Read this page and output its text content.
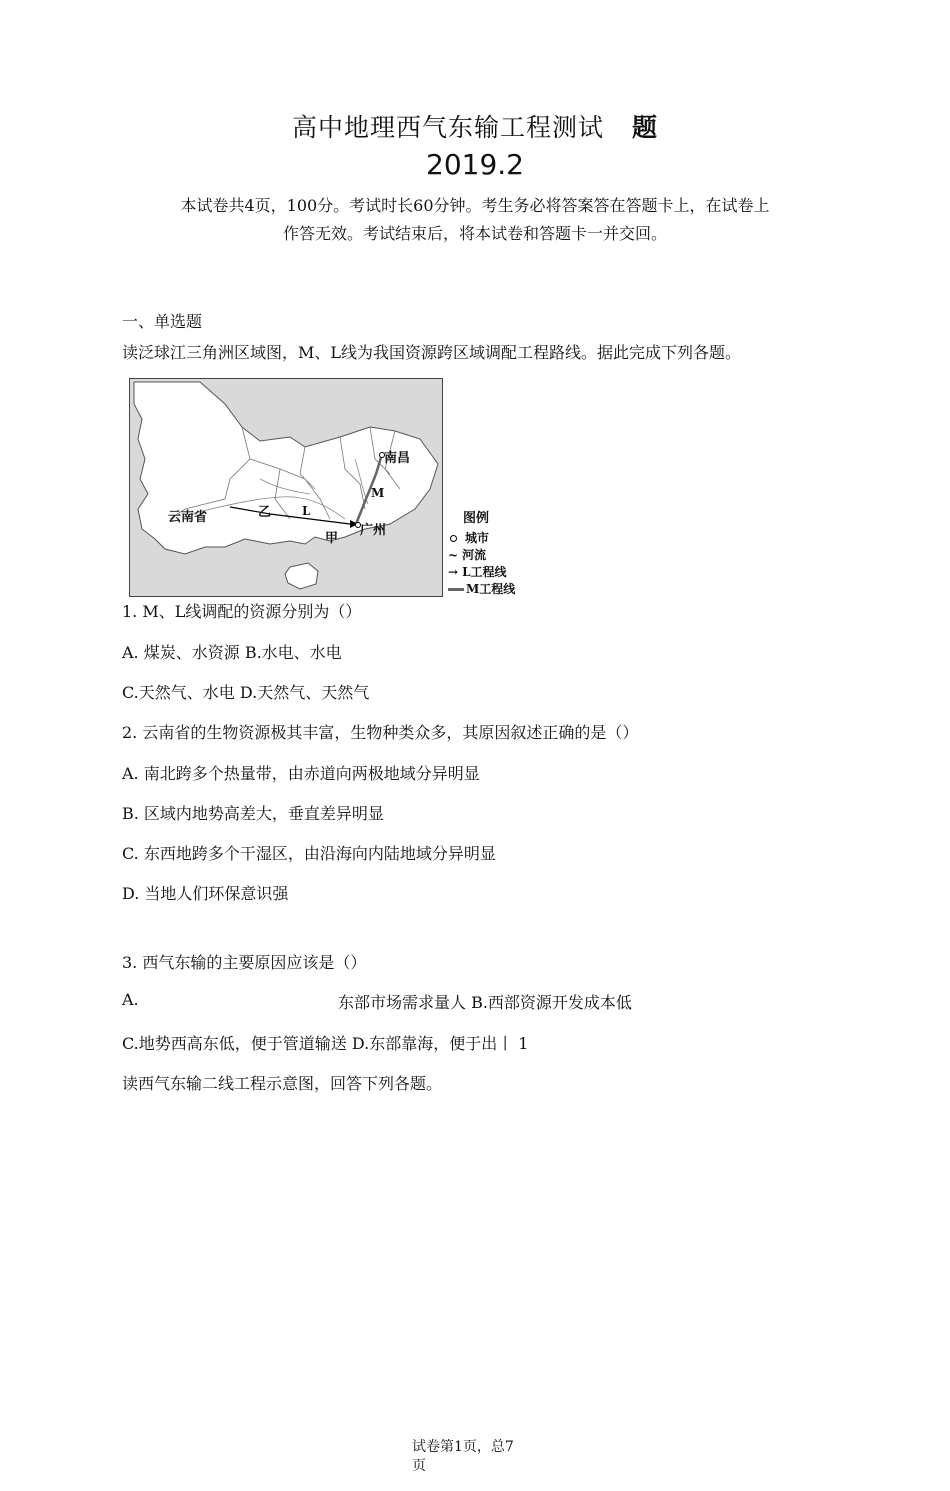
高中地理西气东输工程测试 题
2019.2
本试卷共4页，100分。考试时长60分钟。考生务必将答案答在答题卡上，在试卷上
作答无效。考试结束后，将本试卷和答题卡一并交回。
一、单选题
读泛球江三角洲区域图，M、L线为我国资源跨区域调配工程路线。据此完成下列各题。
云南省	乙	L
M
南昌
甲
广州
图例
城市
~ 河流
→ L工程线
M工程线
1. M、L线调配的资源分别为（）
A. 煤炭、水资源 B.水电、水电
C.天然气、水电 D.天然气、天然气
2. 云南省的生物资源极其丰富，生物种类众多，其原因叙述正确的是（）
A. 南北跨多个热量带，由赤道向两极地域分异明显
B. 区域内地势高差大，垂直差异明显
C. 东西地跨多个干湿区，由沿海向内陆地域分异明显
D. 当地人们环保意识强
3. 西气东输的主要原因应该是（）
A.	东部市场需求量人 B.西部资源开发成本低
C.地势西高东低，便于管道输送 D.东部靠海，便于出丨 1
读西气东输二线工程示意图，回答下列各题。
试卷第1页，总7
页
